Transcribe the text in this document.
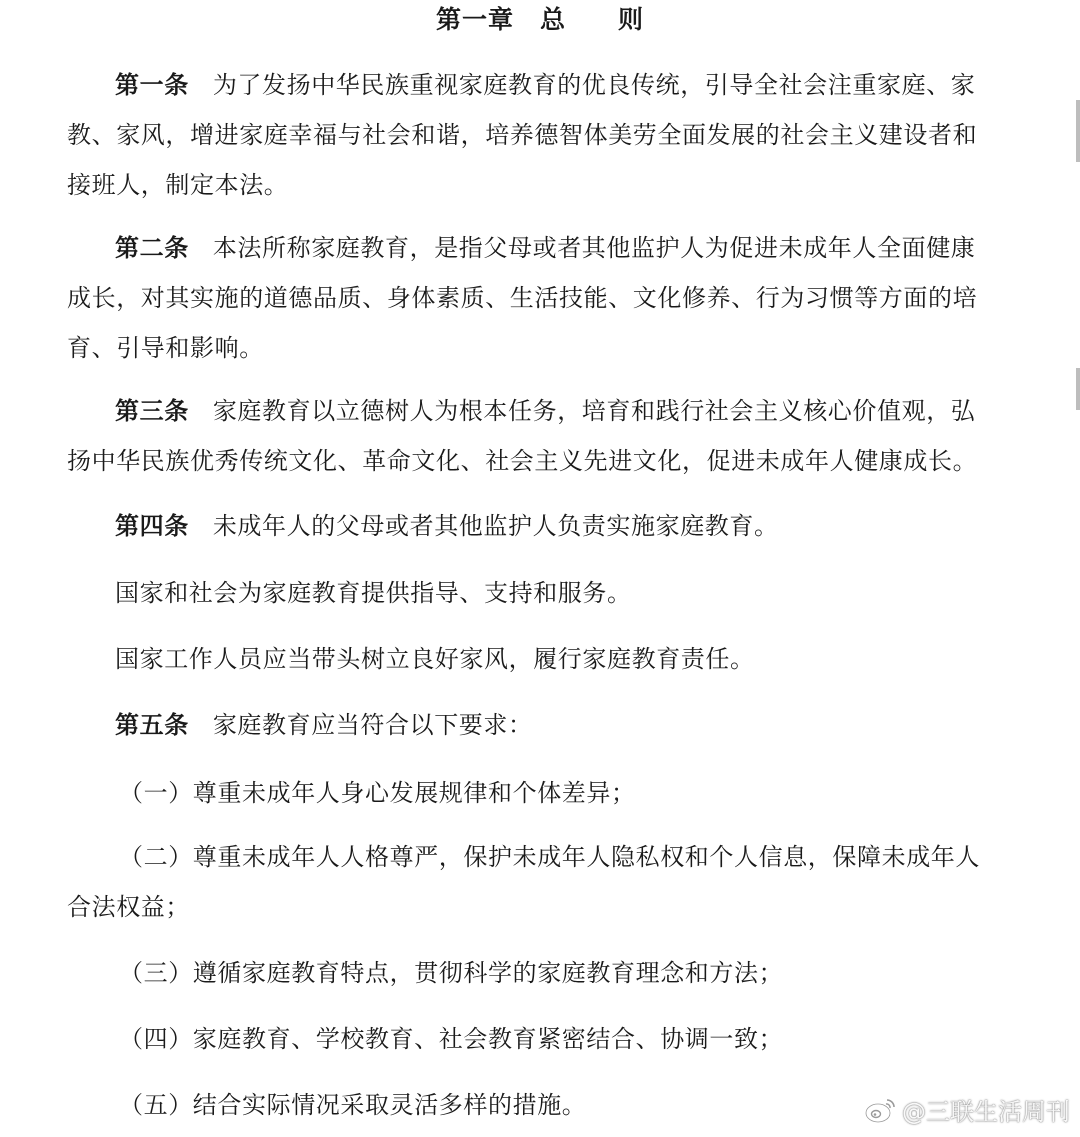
第一章 总 则

第一条 为了发扬中华民族重视家庭教育的优良传统，引导全社会注重家庭、家教、家风，增进家庭幸福与社会和谐，培养德智体美劳全面发展的社会主义建设者和接班人，制定本法。

第二条 本法所称家庭教育，是指父母或者其他监护人为促进未成年人全面健康成长，对其实施的道德品质、身体素质、生活技能、文化修养、行为习惯等方面的培育、引导和影响。

第三条 家庭教育以立德树人为根本任务，培育和践行社会主义核心价值观，弘扬中华民族优秀传统文化、革命文化、社会主义先进文化，促进未成年人健康成长。

第四条 未成年人的父母或者其他监护人负责实施家庭教育。

国家和社会为家庭教育提供指导、支持和服务。

国家工作人员应当带头树立良好家风，履行家庭教育责任。

第五条 家庭教育应当符合以下要求：

（一）尊重未成年人身心发展规律和个体差异；

（二）尊重未成年人人格尊严，保护未成年人隐私权和个人信息，保障未成年人合法权益；

（三）遵循家庭教育特点，贯彻科学的家庭教育理念和方法；

（四）家庭教育、学校教育、社会教育紧密结合、协调一致；

（五）结合实际情况采取灵活多样的措施。	@三联生活周刊
